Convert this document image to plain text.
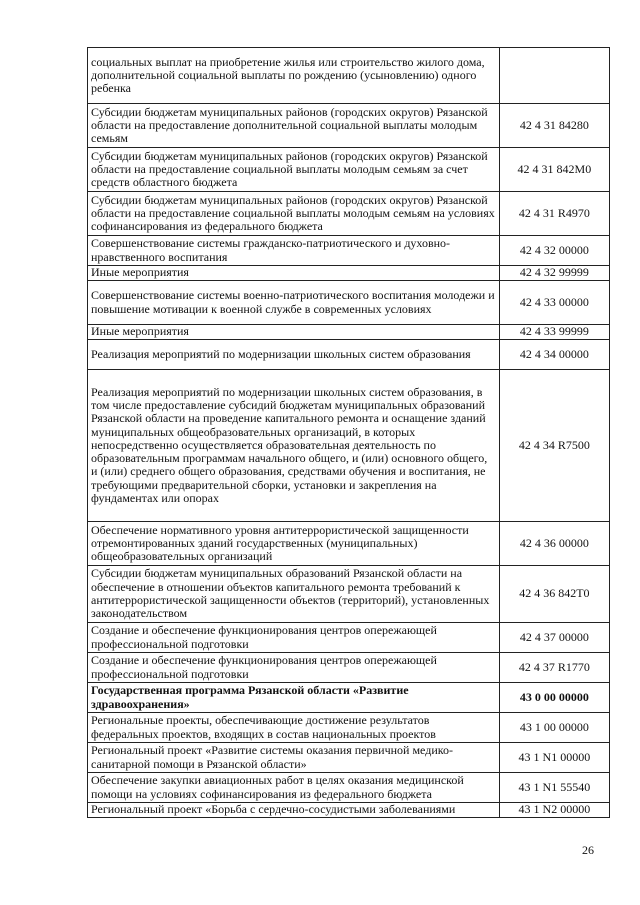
социальных выплат на приобретение жилья или строительство жилого дома, дополнительной социальной выплаты по рождению (усыновлению) одного ребенка	
Субсидии бюджетам муниципальных районов (городских округов) Рязанской области на предоставление дополнительной социальной выплаты молодым семьям	42 4 31 84280
Субсидии бюджетам муниципальных районов (городских округов) Рязанской области на предоставление социальной выплаты молодым семьям за счет средств областного бюджета	42 4 31 842М0
Субсидии бюджетам муниципальных районов (городских округов) Рязанской области на предоставление социальной выплаты молодым семьям на условиях софинансирования из федерального бюджета	42 4 31 R4970
Совершенствование системы гражданско-патриотического и духовно-нравственного воспитания	42 4 32 00000
Иные мероприятия	42 4 32 99999
Совершенствование системы военно-патриотического воспитания молодежи и повышение мотивации к военной службе в современных условиях	42 4 33 00000
Иные мероприятия	42 4 33 99999
Реализация мероприятий по модернизации школьных систем образования	42 4 34 00000
Реализация мероприятий по модернизации школьных систем образования, в том числе предоставление субсидий бюджетам муниципальных образований Рязанской области на проведение капитального ремонта и оснащение зданий муниципальных общеобразовательных организаций, в которых непосредственно осуществляется образовательная деятельность по образовательным программам начального общего, и (или) основного общего, и (или) среднего общего образования, средствами обучения и воспитания, не требующими предварительной сборки, установки и закрепления на фундаментах или опорах	42 4 34 R7500
Обеспечение нормативного уровня антитеррористической защищенности отремонтированных зданий государственных (муниципальных) общеобразовательных организаций	42 4 36 00000
Субсидии бюджетам муниципальных образований Рязанской области на обеспечение в отношении объектов капитального ремонта требований к антитеррористической защищенности объектов (территорий), установленных законодательством	42 4 36 842Т0
Создание и обеспечение функционирования центров опережающей профессиональной подготовки	42 4 37 00000
Создание и обеспечение функционирования центров опережающей профессиональной подготовки	42 4 37 R1770
Государственная программа Рязанской области «Развитие здравоохранения»	43 0 00 00000
Региональные проекты, обеспечивающие достижение результатов федеральных проектов, входящих в состав национальных проектов	43 1 00 00000
Региональный проект «Развитие системы оказания первичной медико-санитарной помощи в Рязанской области»	43 1 N1 00000
Обеспечение закупки авиационных работ в целях оказания медицинской помощи на условиях софинансирования из федерального бюджета	43 1 N1 55540
Региональный проект «Борьба с сердечно-сосудистыми заболеваниями	43 1 N2 00000
26
